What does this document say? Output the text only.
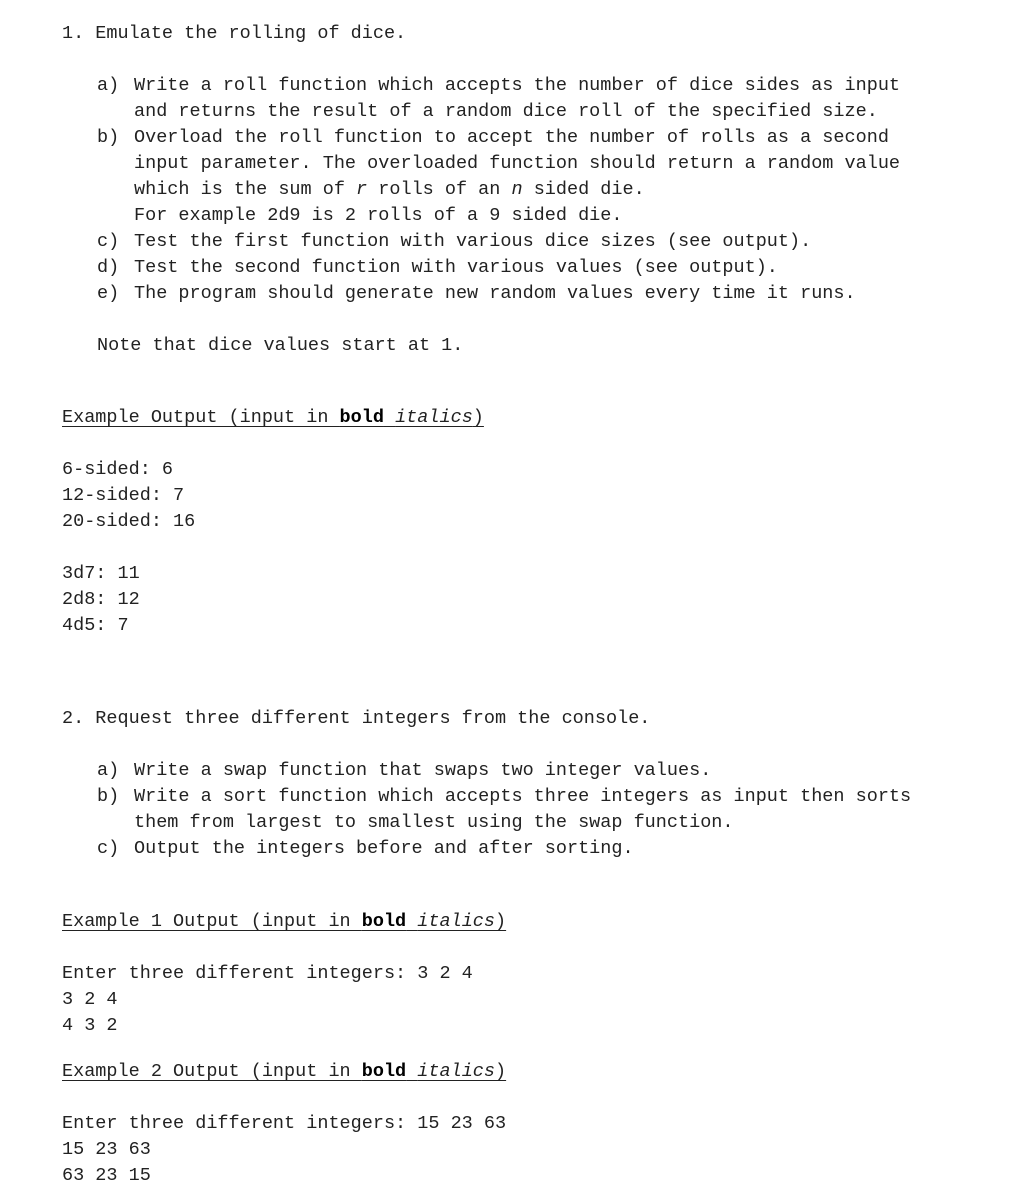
1. Emulate the rolling of dice.
a) Write a roll function which accepts the number of dice sides as input
and returns the result of a random dice roll of the specified size.
b) Overload the roll function to accept the number of rolls as a second
input parameter. The overloaded function should return a random value
which is the sum of r rolls of an n sided die.
For example 2d9 is 2 rolls of a 9 sided die.
c) Test the first function with various dice sizes (see output).
d) Test the second function with various values (see output).
e) The program should generate new random values every time it runs.
Note that dice values start at 1.
Example Output (input in bold italics)
6-sided: 6
12-sided: 7
20-sided: 16
3d7: 11
2d8: 12
4d5: 7
2. Request three different integers from the console.
a) Write a swap function that swaps two integer values.
b) Write a sort function which accepts three integers as input then sorts
them from largest to smallest using the swap function.
c) Output the integers before and after sorting.
Example 1 Output (input in bold italics)
Enter three different integers: 3 2 4
3 2 4
4 3 2
Example 2 Output (input in bold italics)
Enter three different integers: 15 23 63
15 23 63
63 23 15
